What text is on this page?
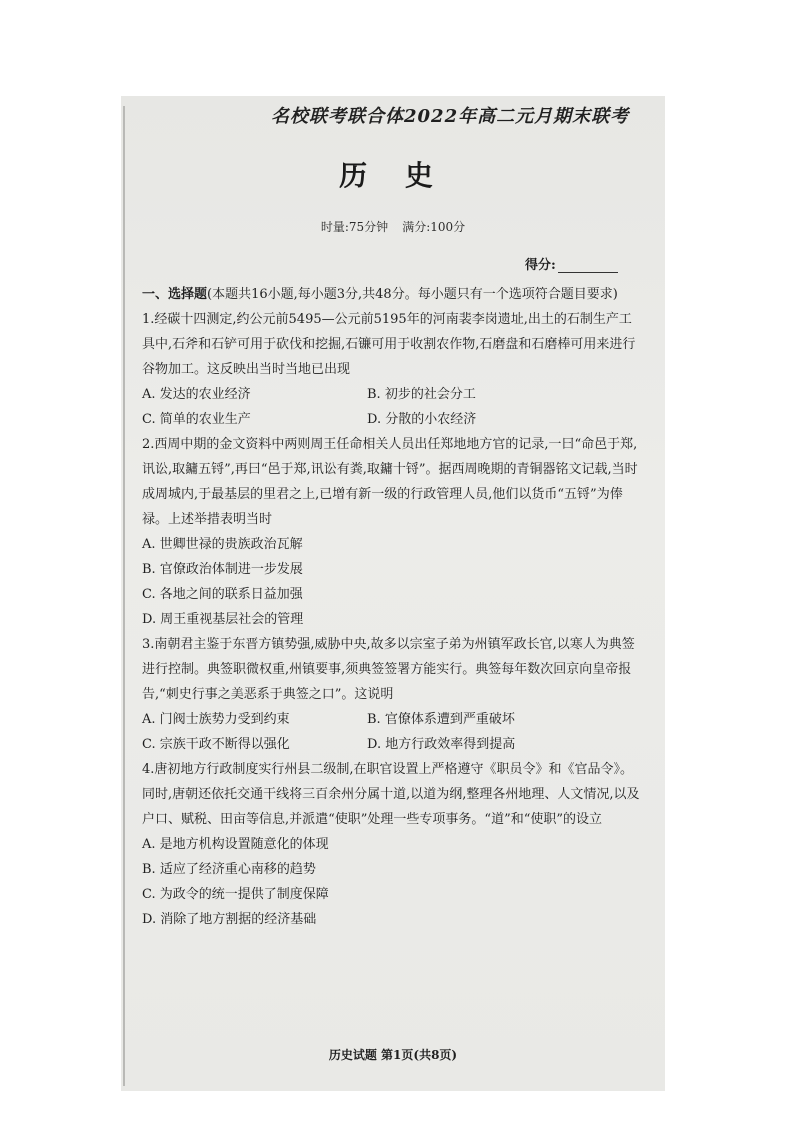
名校联考联合体2022年高二元月期末联考
历 史
时量:75分钟 满分:100分
得分:

一、选择题(本题共16小题,每小题3分,共48分。每小题只有一个选项符合题目要求)

1.经碳十四测定,约公元前5495—公元前5195年的河南裴李岗遗址,出土的石制生产工具中,石斧和石铲可用于砍伐和挖掘,石镰可用于收割农作物,石磨盘和石磨棒可用来进行谷物加工。这反映出当时当地已出现

A. 发达的农业经济	B. 初步的社会分工

C. 简单的农业生产	D. 分散的小农经济

2.西周中期的金文资料中两则周王任命相关人员出任郑地地方官的记录,一曰“命邑于郑,讯讼,取鏞五锊”,再曰“邑于郑,讯讼有粪,取鏞十锊”。据西周晚期的青铜器铭文记载,当时成周城内,于最基层的里君之上,已增有新一级的行政管理人员,他们以货币“五锊”为俸禄。上述举措表明当时

A. 世卿世禄的贵族政治瓦解

B. 官僚政治体制进一步发展

C. 各地之间的联系日益加强

D. 周王重视基层社会的管理

3.南朝君主鉴于东晋方镇势强,威胁中央,故多以宗室子弟为州镇军政长官,以寒人为典签进行控制。典签职微权重,州镇要事,须典签签署方能实行。典签每年数次回京向皇帝报告,“刺史行事之美恶系于典签之口”。这说明

A. 门阀士族势力受到约束	B. 官僚体系遭到严重破坏

C. 宗族干政不断得以强化	D. 地方行政效率得到提高

4.唐初地方行政制度实行州县二级制,在职官设置上严格遵守《职员令》和《官品令》。同时,唐朝还依托交通干线将三百余州分属十道,以道为纲,整理各州地理、人文情况,以及户口、赋税、田亩等信息,并派遣“使职”处理一些专项事务。“道”和“使职”的设立

A. 是地方机构设置随意化的体现

B. 适应了经济重心南移的趋势

C. 为政令的统一提供了制度保障

D. 消除了地方割据的经济基础

历史试题 第1页(共8页)
